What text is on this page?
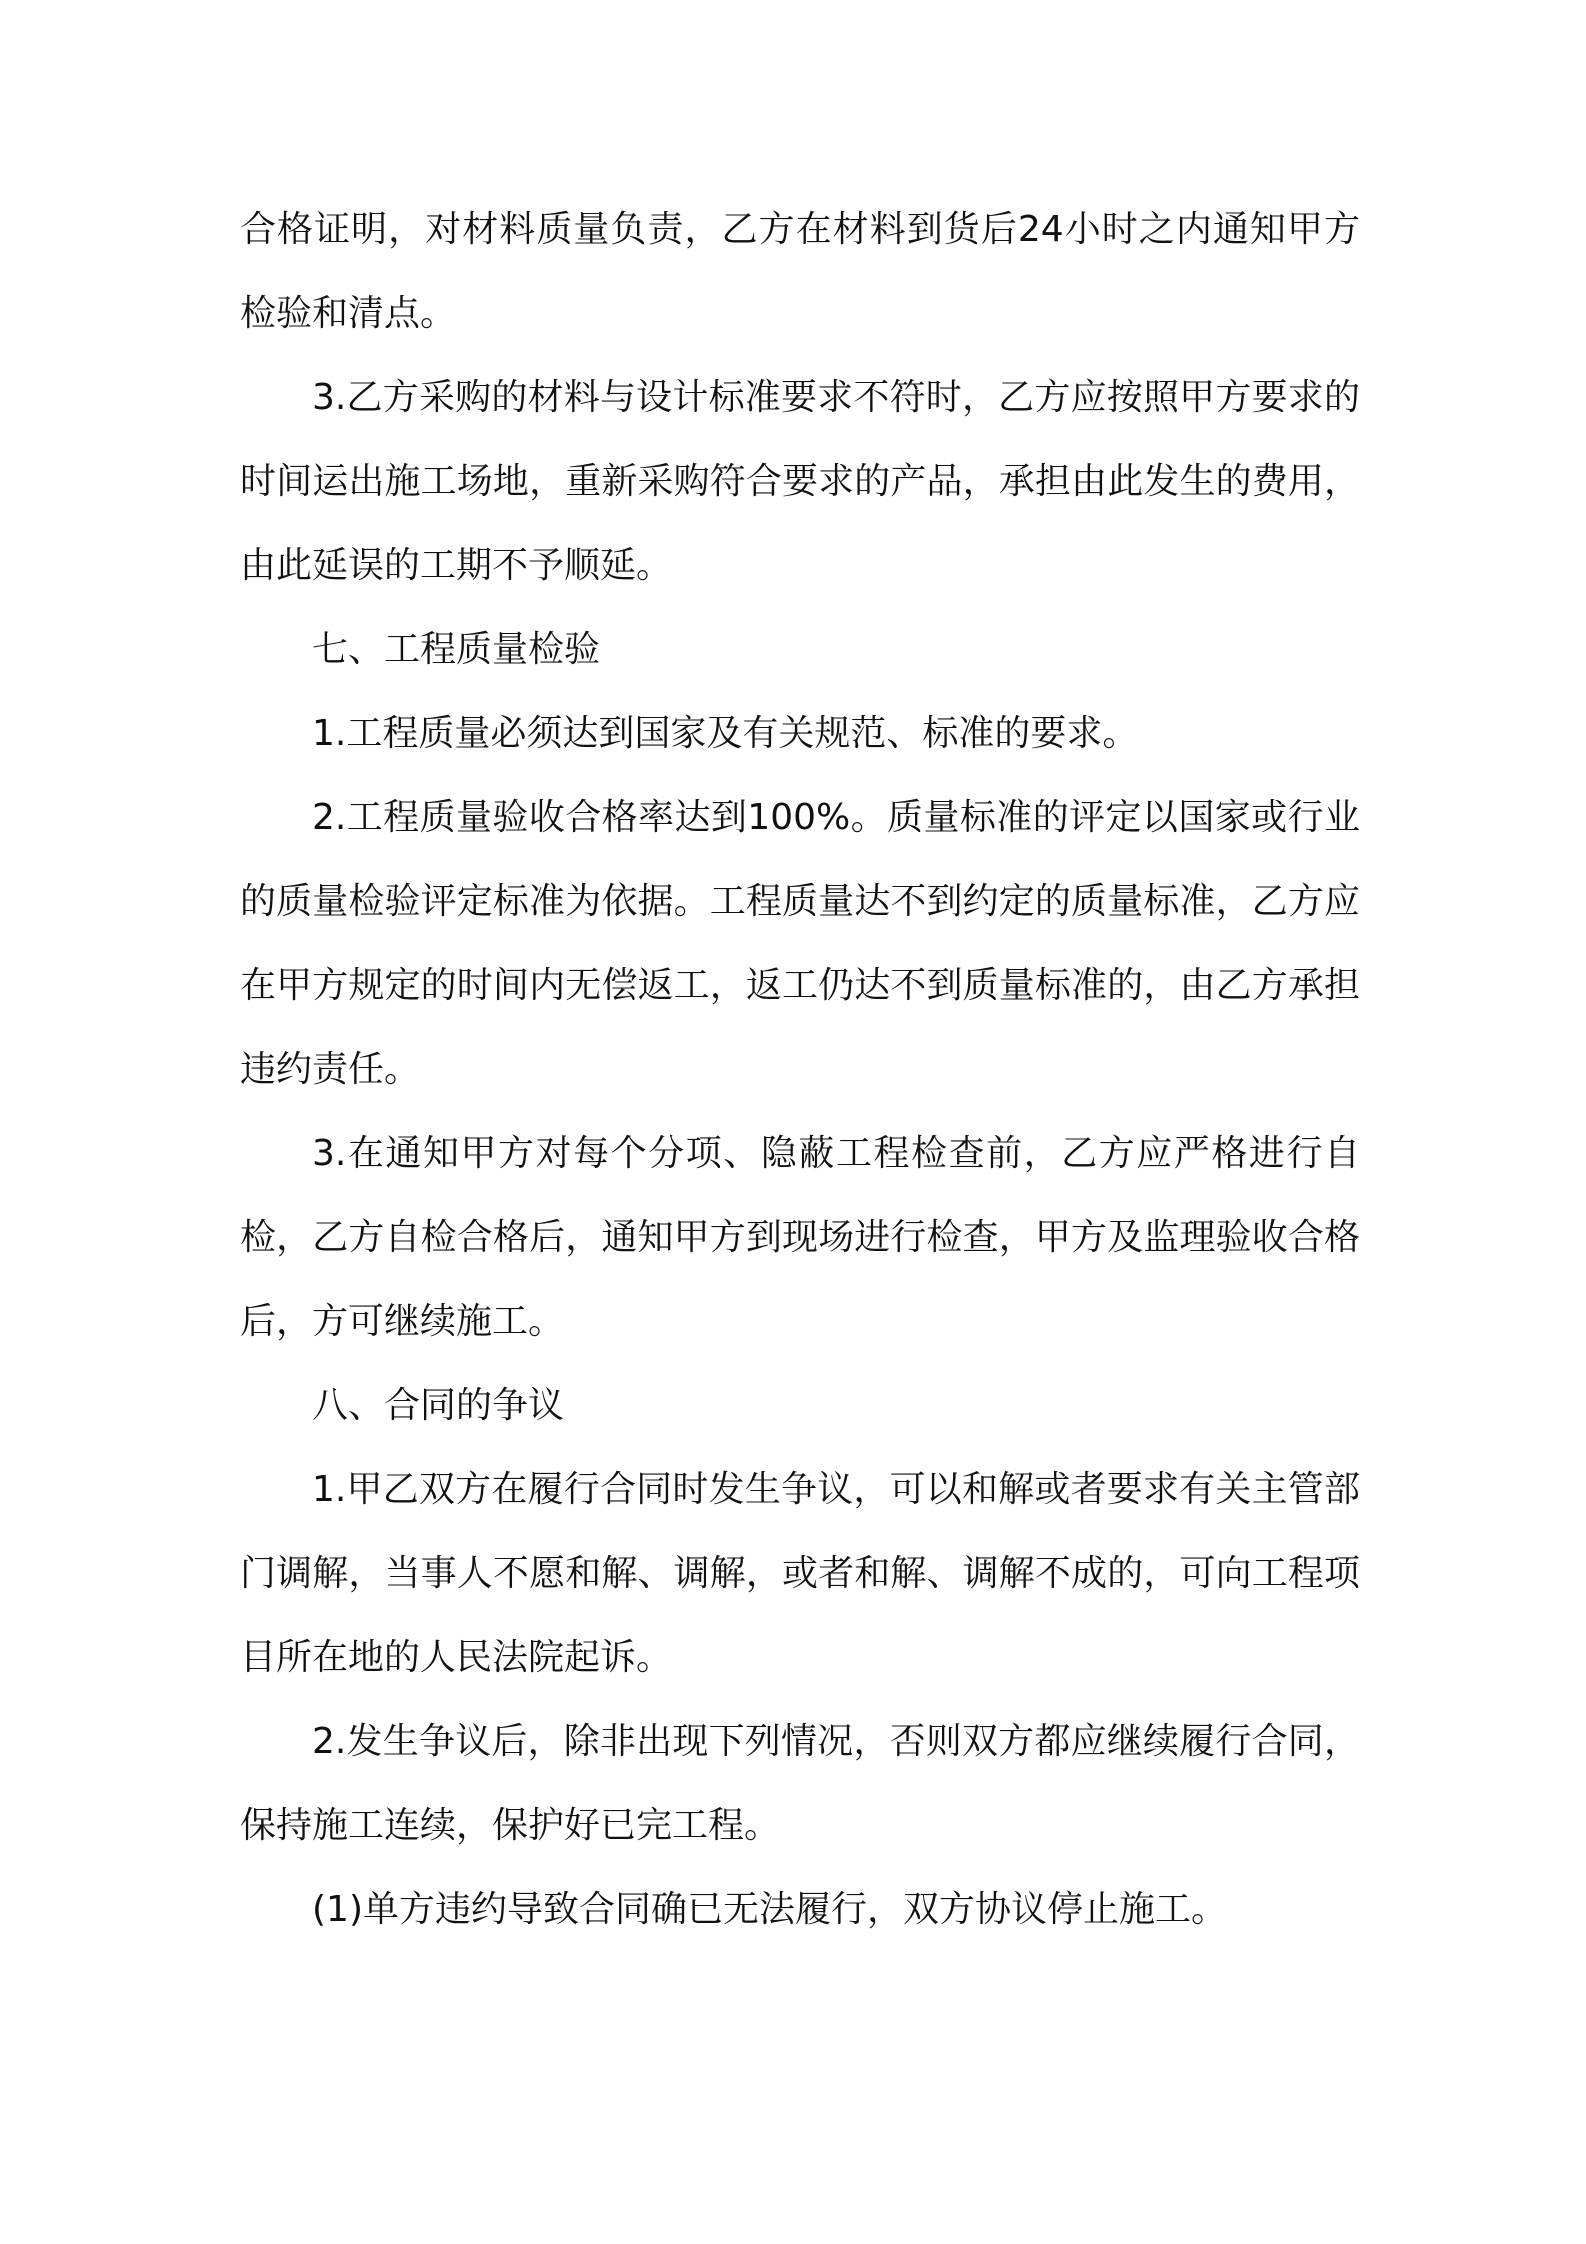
合格证明，对材料质量负责，乙方在材料到货后24小时之内通知甲方检验和清点。

3.乙方采购的材料与设计标准要求不符时，乙方应按照甲方要求的时间运出施工场地，重新采购符合要求的产品，承担由此发生的费用，由此延误的工期不予顺延。

七、工程质量检验

1.工程质量必须达到国家及有关规范、标准的要求。

2.工程质量验收合格率达到100%。质量标准的评定以国家或行业的质量检验评定标准为依据。工程质量达不到约定的质量标准，乙方应在甲方规定的时间内无偿返工，返工仍达不到质量标准的，由乙方承担违约责任。

3.在通知甲方对每个分项、隐蔽工程检查前，乙方应严格进行自检，乙方自检合格后，通知甲方到现场进行检查，甲方及监理验收合格后，方可继续施工。

八、合同的争议

1.甲乙双方在履行合同时发生争议，可以和解或者要求有关主管部门调解，当事人不愿和解、调解，或者和解、调解不成的，可向工程项目所在地的人民法院起诉。

2.发生争议后，除非出现下列情况，否则双方都应继续履行合同，保持施工连续，保护好已完工程。

(1)单方违约导致合同确已无法履行，双方协议停止施工。
